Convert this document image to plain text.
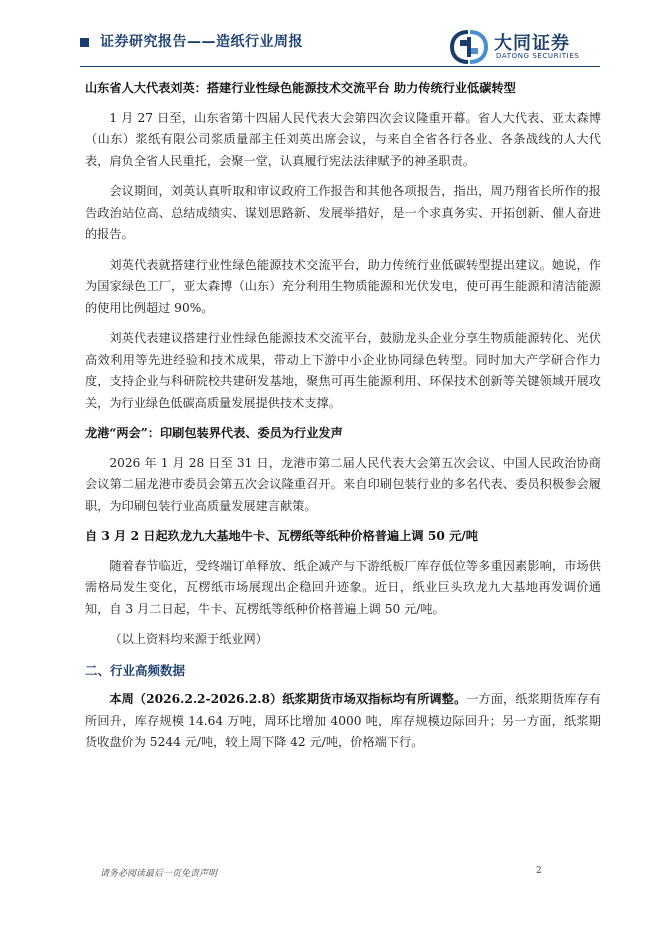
证券研究报告——造纸行业周报	大同证券
DATONG SECURITIES

山东省人大代表刘英：搭建行业性绿色能源技术交流平台 助力传统行业低碳转型

1 月 27 日至，山东省第十四届人民代表大会第四次会议隆重开幕。省人大代表、亚太森博（山东）浆纸有限公司浆质量部主任刘英出席会议，与来自全省各行各业、各条战线的人大代表，肩负全省人民重托，会聚一堂，认真履行宪法法律赋予的神圣职责。

会议期间，刘英认真听取和审议政府工作报告和其他各项报告，指出，周乃翔省长所作的报告政治站位高、总结成绩实、谋划思路新、发展举措好，是一个求真务实、开拓创新、催人奋进的报告。

刘英代表就搭建行业性绿色能源技术交流平台，助力传统行业低碳转型提出建议。她说，作为国家绿色工厂，亚太森博（山东）充分利用生物质能源和光伏发电，使可再生能源和清洁能源的使用比例超过 90%。

刘英代表建议搭建行业性绿色能源技术交流平台，鼓励龙头企业分享生物质能源转化、光伏高效利用等先进经验和技术成果，带动上下游中小企业协同绿色转型。同时加大产学研合作力度，支持企业与科研院校共建研发基地，聚焦可再生能源利用、环保技术创新等关键领域开展攻关，为行业绿色低碳高质量发展提供技术支撑。

龙港“两会”：印刷包装界代表、委员为行业发声

2026 年 1 月 28 日至 31 日，龙港市第二届人民代表大会第五次会议、中国人民政治协商会议第二届龙港市委员会第五次会议隆重召开。来自印刷包装行业的多名代表、委员积极参会履职，为印刷包装行业高质量发展建言献策。

自 3 月 2 日起玖龙九大基地牛卡、瓦楞纸等纸种价格普遍上调 50 元/吨

随着春节临近，受终端订单释放、纸企减产与下游纸板厂库存低位等多重因素影响，市场供需格局发生变化，瓦楞纸市场展现出企稳回升迹象。近日，纸业巨头玖龙九大基地再发调价通知，自 3 月二日起，牛卡、瓦楞纸等纸种价格普遍上调 50 元/吨。

（以上资料均来源于纸业网）

二、行业高频数据

本周（2026.2.2-2026.2.8）纸浆期货市场双指标均有所调整。一方面，纸浆期货库存有所回升，库存规模 14.64 万吨，周环比增加 4000 吨，库存规模边际回升；另一方面，纸浆期货收盘价为 5244 元/吨，较上周下降 42 元/吨，价格端下行。

请务必阅读最后一页免责声明	2
